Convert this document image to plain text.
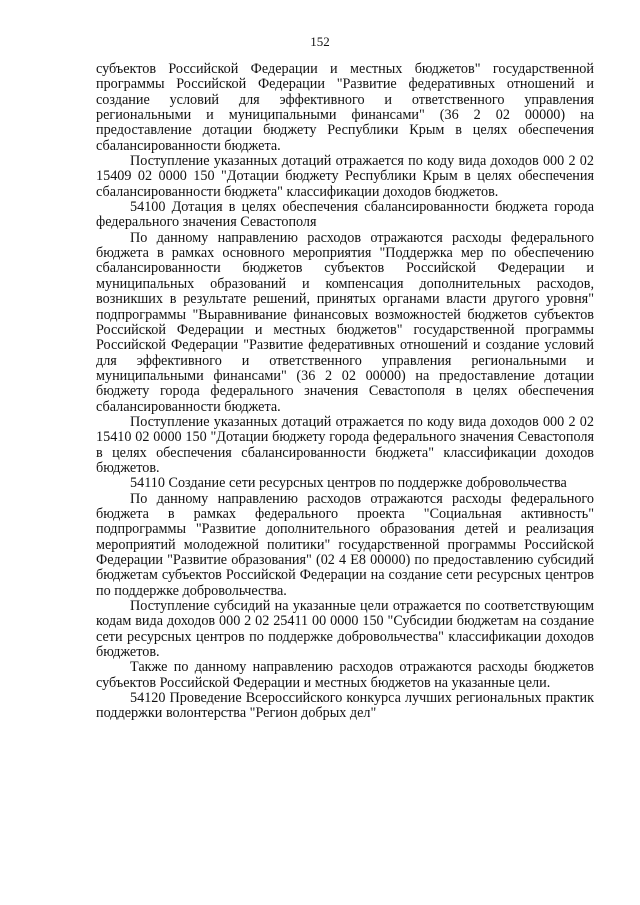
152

субъектов Российской Федерации и местных бюджетов" государственной программы Российской Федерации "Развитие федеративных отношений и создание условий для эффективного и ответственного управления региональными и муниципальными финансами" (36 2 02 00000) на предоставление дотации бюджету Республики Крым в целях обеспечения сбалансированности бюджета.

Поступление указанных дотаций отражается по коду вида доходов 000 2 02 15409 02 0000 150 "Дотации бюджету Республики Крым в целях обеспечения сбалансированности бюджета" классификации доходов бюджетов.

54100 Дотация в целях обеспечения сбалансированности бюджета города федерального значения Севастополя

По данному направлению расходов отражаются расходы федерального бюджета в рамках основного мероприятия "Поддержка мер по обеспечению сбалансированности бюджетов субъектов Российской Федерации и муниципальных образований и компенсация дополнительных расходов, возникших в результате решений, принятых органами власти другого уровня" подпрограммы "Выравнивание финансовых возможностей бюджетов субъектов Российской Федерации и местных бюджетов" государственной программы Российской Федерации "Развитие федеративных отношений и создание условий для эффективного и ответственного управления региональными и муниципальными финансами" (36 2 02 00000) на предоставление дотации бюджету города федерального значения Севастополя в целях обеспечения сбалансированности бюджета.

Поступление указанных дотаций отражается по коду вида доходов 000 2 02 15410 02 0000 150 "Дотации бюджету города федерального значения Севастополя в целях обеспечения сбалансированности бюджета" классификации доходов бюджетов.

54110 Создание сети ресурсных центров по поддержке добровольчества

По данному направлению расходов отражаются расходы федерального бюджета в рамках федерального проекта "Социальная активность" подпрограммы "Развитие дополнительного образования детей и реализация мероприятий молодежной политики" государственной программы Российской Федерации "Развитие образования" (02 4 E8 00000) по предоставлению субсидий бюджетам субъектов Российской Федерации на создание сети ресурсных центров по поддержке добровольчества.

Поступление субсидий на указанные цели отражается по соответствующим кодам вида доходов 000 2 02 25411 00 0000 150 "Субсидии бюджетам на создание сети ресурсных центров по поддержке добровольчества" классификации доходов бюджетов.

Также по данному направлению расходов отражаются расходы бюджетов субъектов Российской Федерации и местных бюджетов на указанные цели.

54120 Проведение Всероссийского конкурса лучших региональных практик поддержки волонтерства "Регион добрых дел"
